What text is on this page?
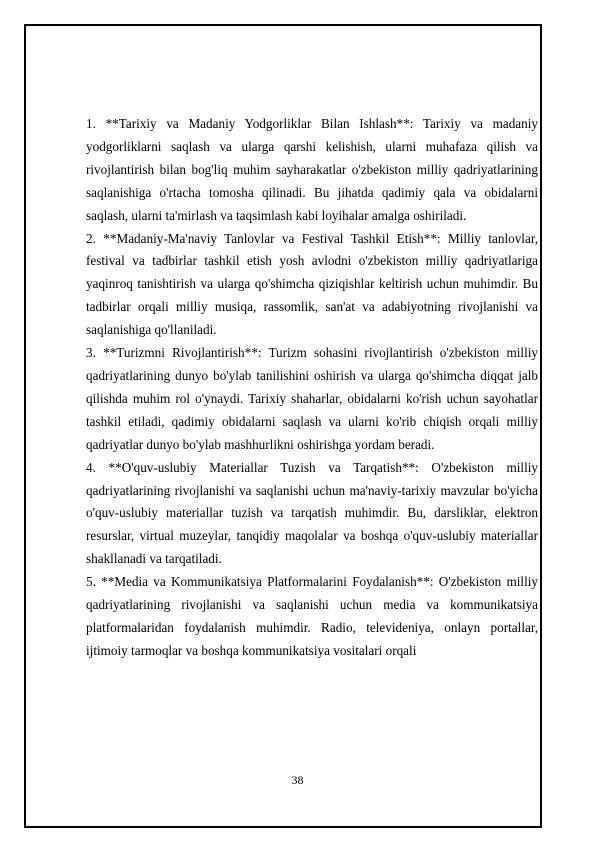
1. **Tarixiy va Madaniy Yodgorliklar Bilan Ishlash**: Tarixiy va madaniy yodgorliklarni saqlash va ularga qarshi kelishish, ularni muhafaza qilish va rivojlantirish bilan bog'liq muhim sayharakatlar o'zbekiston milliy qadriyatlarining saqlanishiga o'rtacha tomosha qilinadi. Bu jihatda qadimiy qala va obidalarni saqlash, ularni ta'mirlash va taqsimlash kabi loyihalar amalga oshiriladi.

2. **Madaniy-Ma'naviy Tanlovlar va Festival Tashkil Etish**: Milliy tanlovlar, festival va tadbirlar tashkil etish yosh avlodni o'zbekiston milliy qadriyatlariga yaqinroq tanishtirish va ularga qo'shimcha qiziqishlar keltirish uchun muhimdir. Bu tadbirlar orqali milliy musiqa, rassomlik, san'at va adabiyotning rivojlanishi va saqlanishiga qo'llaniladi.

3. **Turizmni Rivojlantirish**: Turizm sohasini rivojlantirish o'zbekiston milliy qadriyatlarining dunyo bo'ylab tanilishini oshirish va ularga qo'shimcha diqqat jalb qilishda muhim rol o'ynaydi. Tarixiy shaharlar, obidalarni ko'rish uchun sayohatlar tashkil etiladi, qadimiy obidalarni saqlash va ularni ko'rib chiqish orqali milliy qadriyatlar dunyo bo'ylab mashhurlikni oshirishga yordam beradi.

4. **O'quv-uslubiy Materiallar Tuzish va Tarqatish**: O'zbekiston milliy qadriyatlarining rivojlanishi va saqlanishi uchun ma'naviy-tarixiy mavzular bo'yicha o'quv-uslubiy materiallar tuzish va tarqatish muhimdir. Bu, darsliklar, elektron resurslar, virtual muzeylar, tanqidiy maqolalar va boshqa o'quv-uslubiy materiallar shakllanadi va tarqatiladi.

5. **Media va Kommunikatsiya Platformalarini Foydalanish**: O'zbekiston milliy qadriyatlarining rivojlanishi va saqlanishi uchun media va kommunikatsiya platformalaridan foydalanish muhimdir. Radio, televideniya, onlayn portallar, ijtimoiy tarmoqlar va boshqa kommunikatsiya vositalari orqali

38
